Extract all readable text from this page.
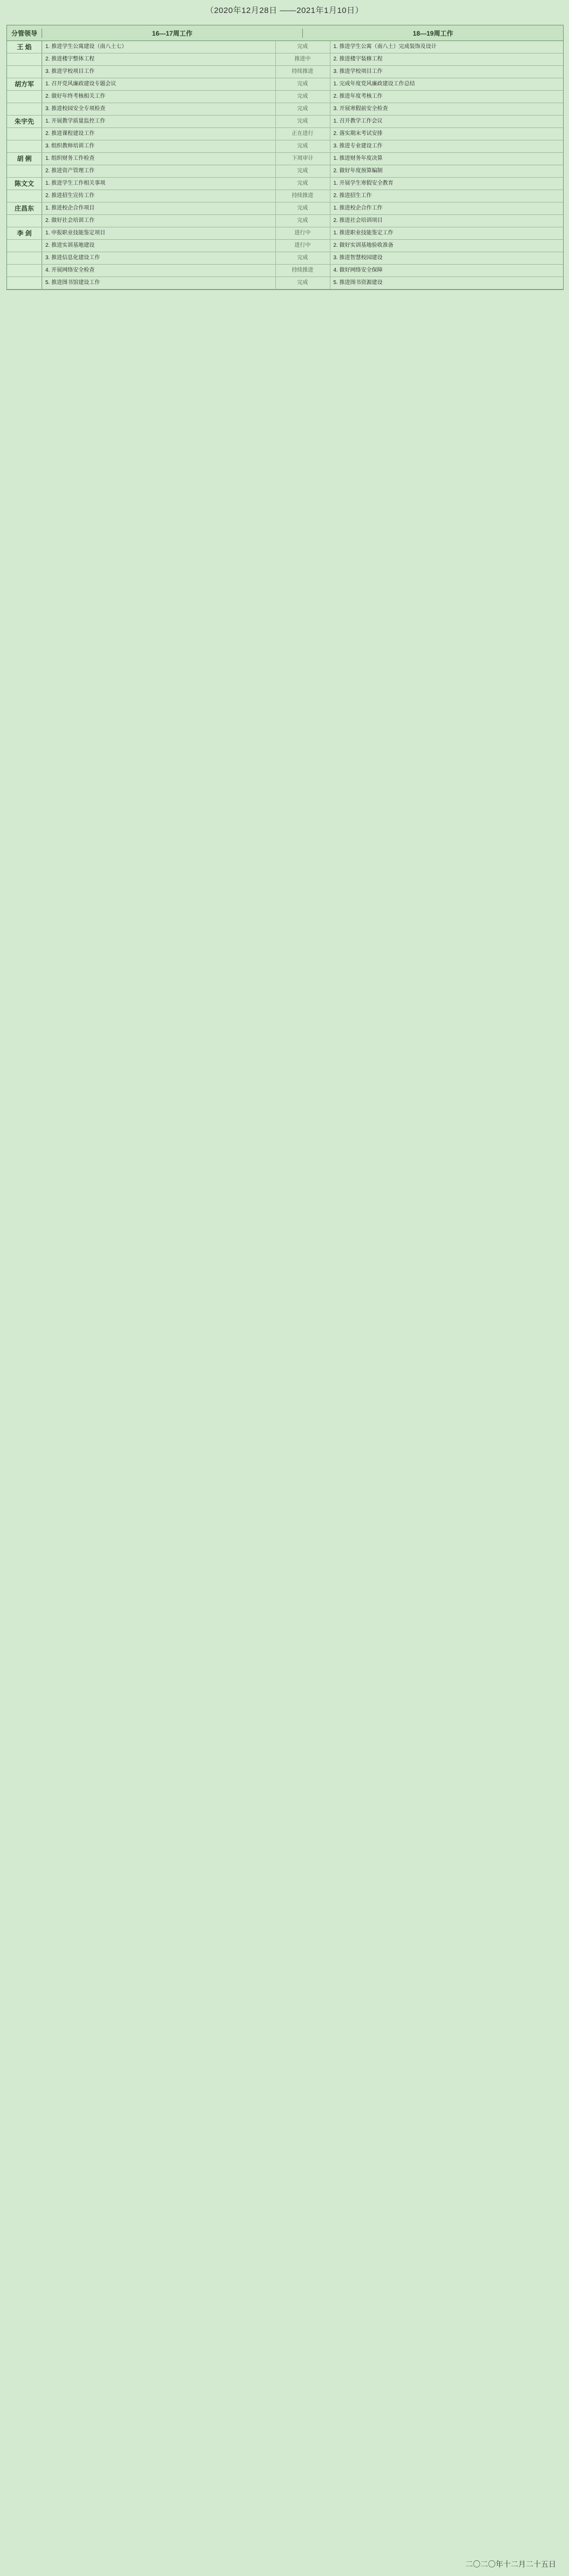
（2020年12月28日 ——2021年1月10日）
分管领导	16—17周工作	18—19周工作
王 焰	1. 推进学生公寓建设（南八土七）	完成	1. 推进学生公寓（南八土）完成装饰及设计
2. 推进楼宇整体工程	推进中	2. 推进楼宇装修工程
3. 推进学校项目工作	持续推进	3. 推进学校项目工作
胡方军	1. 召开党风廉政建设专题会议	完成	1. 完成年度党风廉政建设工作总结
2. 做好年终考核相关工作	完成	2. 推进年度考核工作
3. 推进校园安全专项检查	完成	3. 开展寒假前安全检查
朱宇先	1. 开展教学质量监控工作	完成	1. 召开教学工作会议
2. 推进课程建设工作	正在进行	2. 落实期末考试安排
3. 组织教师培训工作	完成	3. 推进专业建设工作
胡 俐	1. 组织财务工作检查	下周审计	1. 推进财务年度决算
2. 推进资产管理工作	完成	2. 做好年度预算编制
陈文文	1. 推进学生工作相关事项	完成	1. 开展学生寒假安全教育
2. 推进招生宣传工作	持续推进	2. 推进招生工作
庄昌东	1. 推进校企合作项目	完成	1. 推进校企合作工作
2. 做好社会培训工作	完成	2. 推进社会培训项目
李 剑	1. 申报职业技能鉴定项目	进行中	1. 推进职业技能鉴定工作
2. 推进实训基地建设	进行中	2. 做好实训基地验收准备
3. 推进信息化建设工作	完成	3. 推进智慧校园建设
4. 开展网络安全检查	持续推进	4. 做好网络安全保障
5. 推进图书馆建设工作	完成	5. 推进图书资源建设
二〇二〇年十二月二十五日
